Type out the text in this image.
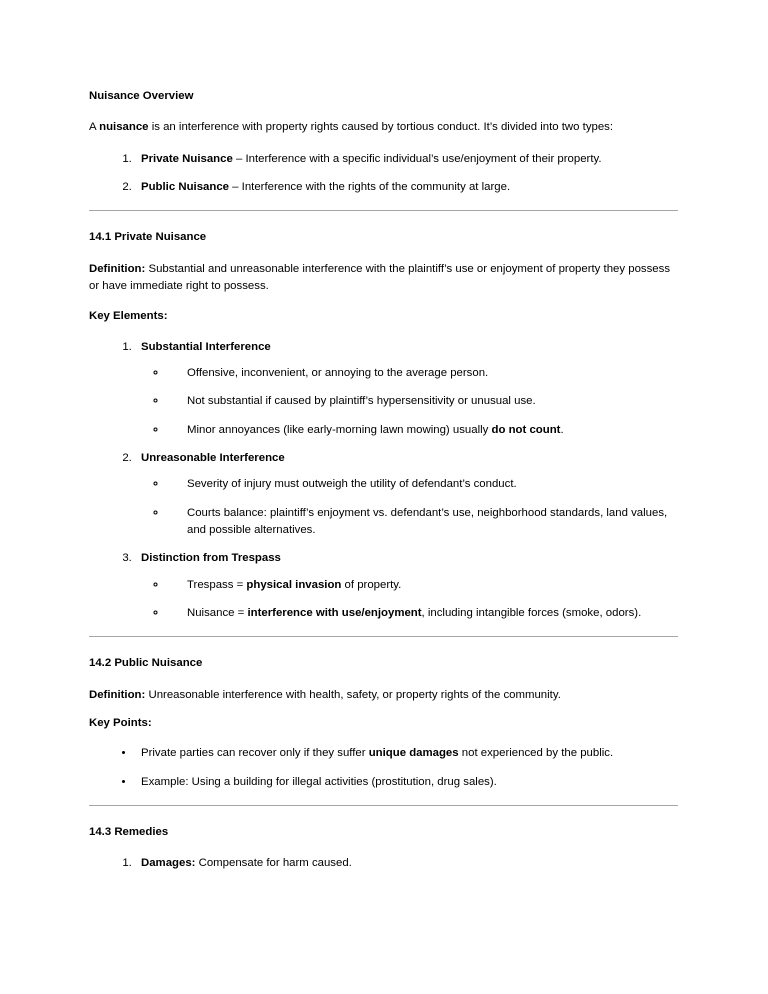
Nuisance Overview

A nuisance is an interference with property rights caused by tortious conduct. It’s divided into two types:

1. Private Nuisance – Interference with a specific individual’s use/enjoyment of their property.
2. Public Nuisance – Interference with the rights of the community at large.
14.1 Private Nuisance

Definition: Substantial and unreasonable interference with the plaintiff’s use or enjoyment of property they possess or have immediate right to possess.

Key Elements:

1. Substantial Interference
◦ Offensive, inconvenient, or annoying to the average person.
◦ Not substantial if caused by plaintiff’s hypersensitivity or unusual use.
◦ Minor annoyances (like early-morning lawn mowing) usually do not count.
2. Unreasonable Interference
◦ Severity of injury must outweigh the utility of defendant’s conduct.
◦ Courts balance: plaintiff’s enjoyment vs. defendant’s use, neighborhood standards, land values, and possible alternatives.
3. Distinction from Trespass
◦ Trespass = physical invasion of property.
◦ Nuisance = interference with use/enjoyment, including intangible forces (smoke, odors).
14.2 Public Nuisance

Definition: Unreasonable interference with health, safety, or property rights of the community.

Key Points:

• Private parties can recover only if they suffer unique damages not experienced by the public.
• Example: Using a building for illegal activities (prostitution, drug sales).
14.3 Remedies
1. Damages: Compensate for harm caused.
